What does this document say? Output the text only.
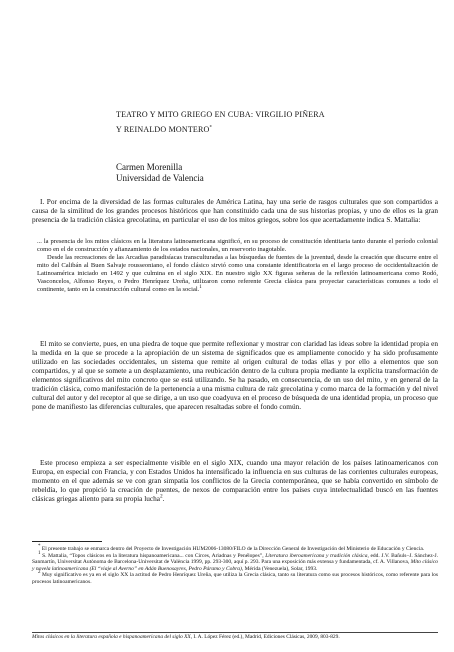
TEATRO Y MITO GRIEGO EN CUBA: VIRGILIO PIÑERA
Y REINALDO MONTERO*
Carmen Morenilla
Universidad de Valencia

I. Por encima de la diversidad de las formas culturales de América Latina, hay una serie de rasgos culturales que son compartidos a causa de la similitud de los grandes procesos históricos que han constituido cada una de sus historias propias, y uno de ellos es la gran presencia de la tradición clásica grecolatina, en particular el uso de los mitos griegos, sobre los que acertadamente indica S. Mattalia:

... la presencia de los mitos clásicos en la literatura latinoamericana significó, en su proceso de constitución identitaria tanto durante el período colonial como en el de construcción y afianzamiento de los estados nacionales, un reservorio inagotable.

Desde las recreaciones de las Arcadias paradisíacas transculturadas a las búsquedas de fuentes de la juventud, desde la creación que discurre entre el mito del Calibán al Buen Salvaje rousseoniano, el fondo clásico sirvió como una constante identificatoria en el largo proceso de occidentalización de Latinoamérica iniciado en 1492 y que culmina en el siglo XIX. En nuestro siglo XX figuras señeras de la reflexión latinoamericana como Rodó, Vasconcelos, Alfonso Reyes, o Pedro Henríquez Ureña, utilizaron como referente Grecia clásica para proyectar características comunes a todo el continente, tanto en la construcción cultural como en la social.$^1$

El mito se convierte, pues, en una piedra de toque que permite reflexionar y mostrar con claridad las ideas sobre la identidad propia en la medida en la que se procede a la apropiación de un sistema de significados que es ampliamente conocido y ha sido profusamente utilizado en las sociedades occidentales, un sistema que remite al origen cultural de todas ellas y por ello a elementos que son compartidos, y al que se somete a un desplazamiento, una reubicación dentro de la cultura propia mediante la explícita transformación de elementos significativos del mito concreto que se está utilizando. Se ha pasado, en consecuencia, de un uso del mito, y en general de la tradición clásica, como manifestación de la pertenencia a una misma cultura de raíz grecolatina y como marca de la formación y del nivel cultural del autor y del receptor al que se dirige, a un uso que coadyuva en el proceso de búsqueda de una identidad propia, un proceso que pone de manifiesto las diferencias culturales, que aparecen resaltadas sobre el fondo común.

Este proceso empieza a ser especialmente visible en el siglo XIX, cuando una mayor relación de los países latinoamericanos con Europa, en especial con Francia, y con Estados Unidos ha intensificado la influencia en sus culturas de las corrientes culturales europeas, momento en el que además se ve con gran simpatía los conflictos de la Grecia contemporánea, que se había convertido en símbolo de rebeldía, lo que propició la creación de puentes, de nexos de comparación entre los países cuya intelectualidad buscó en las fuentes clásicas griegas aliento para su propia lucha$^2$.

* El presente trabajo se enmarca dentro del Proyecto de Investigación HUM2006-13080/FILO de la Dirección General de Investigación del Ministerio de Educación y Ciencia.

1 S. Mattalia, “Topos clásicos en la literatura hispanoamericana... con Circes, Ariadnas y Penélopes”, Literatura iberoamericana y tradición clásica, edd. J.V. Bañuls–J. Sánchez-J. Sanmartín, Universitat Autònoma de Barcelona-Universitat de València 1999, pp. 293-300, aquí p. 293. Para una exposición más extensa y fundamentada, cf. A. Villanova, Mito clásico y novela latinoamericana (El “viaje al Averno” en Adán Buenosayres, Pedro Páramo y Cobra), Mérida (Venezuela), Solar, 1993.

2 Muy significativo es ya en el siglo XX la actitud de Pedro Henríquez Ureña, que utiliza la Grecia clásica, tanto su literatura como sus procesos históricos, como referente para los procesos latinoamericanos.

Mitos clásicos en la literatura española e hispanoamericana del siglo XX, I. A. López Férez (ed.), Madrid, Ediciones Clásicas, 2009, 803-829.
